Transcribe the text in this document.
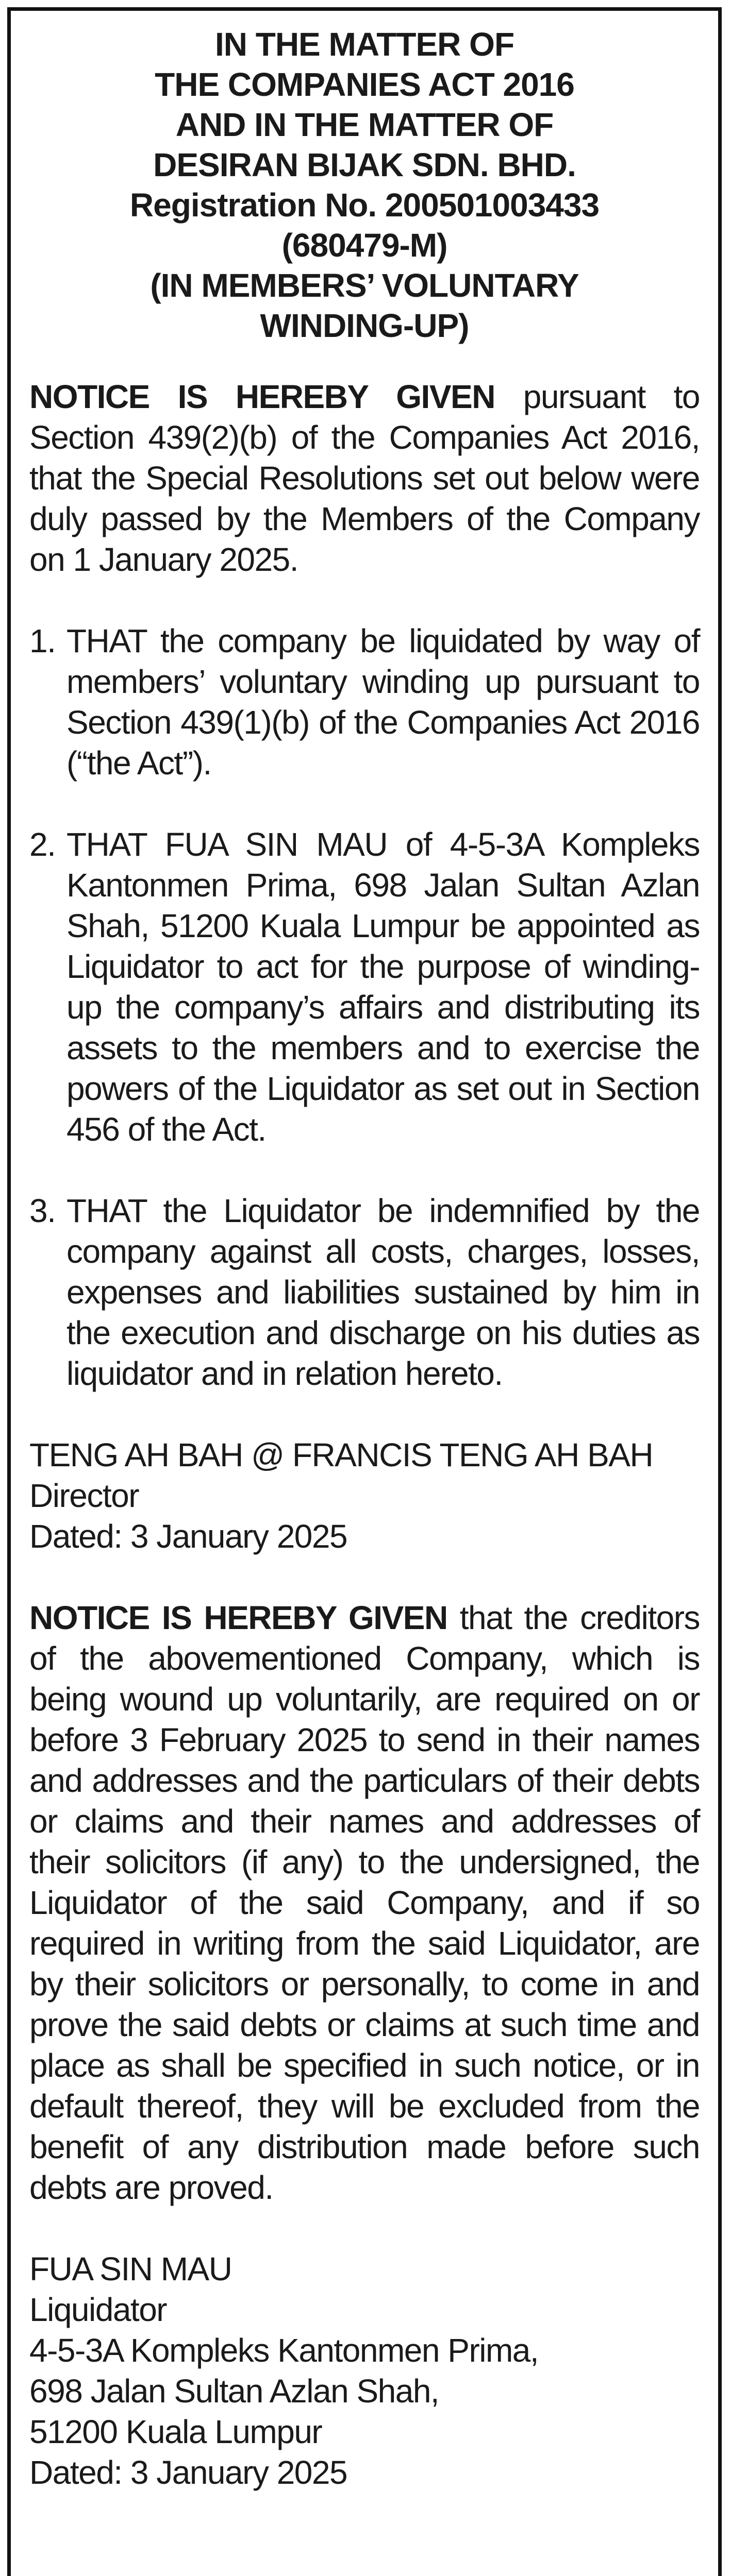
IN THE MATTER OF
THE COMPANIES ACT 2016
AND IN THE MATTER OF
DESIRAN BIJAK SDN. BHD.
Registration No. 200501003433
(680479-M)
(IN MEMBERS’ VOLUNTARY
WINDING-UP)

NOTICE IS HEREBY GIVEN pursuant to Section 439(2)(b) of the Companies Act 2016, that the Special Resolutions set out below were duly passed by the Members of the Company on 1 January 2025.

1. THAT the company be liquidated by way of members’ voluntary winding up pursuant to Section 439(1)(b) of the Companies Act 2016 (“the Act”).
2. THAT FUA SIN MAU of 4-5-3A Kompleks Kantonmen Prima, 698 Jalan Sultan Azlan Shah, 51200 Kuala Lumpur be appointed as Liquidator to act for the purpose of winding-up the company’s affairs and distributing its assets to the members and to exercise the powers of the Liquidator as set out in Section 456 of the Act.
3. THAT the Liquidator be indemnified by the company against all costs, charges, losses, expenses and liabilities sustained by him in the execution and discharge on his duties as liquidator and in relation hereto.

TENG AH BAH @ FRANCIS TENG AH BAH

Director

Dated: 3 January 2025

NOTICE IS HEREBY GIVEN that the creditors of the abovementioned Company, which is being wound up voluntarily, are required on or before 3 February 2025 to send in their names and addresses and the particulars of their debts or claims and their names and addresses of their solicitors (if any) to the undersigned, the Liquidator of the said Company, and if so required in writing from the said Liquidator, are by their solicitors or personally, to come in and prove the said debts or claims at such time and place as shall be specified in such notice, or in default thereof, they will be excluded from the benefit of any distribution made before such debts are proved.

FUA SIN MAU

Liquidator

4-5-3A Kompleks Kantonmen Prima,

698 Jalan Sultan Azlan Shah,

51200 Kuala Lumpur

Dated: 3 January 2025
